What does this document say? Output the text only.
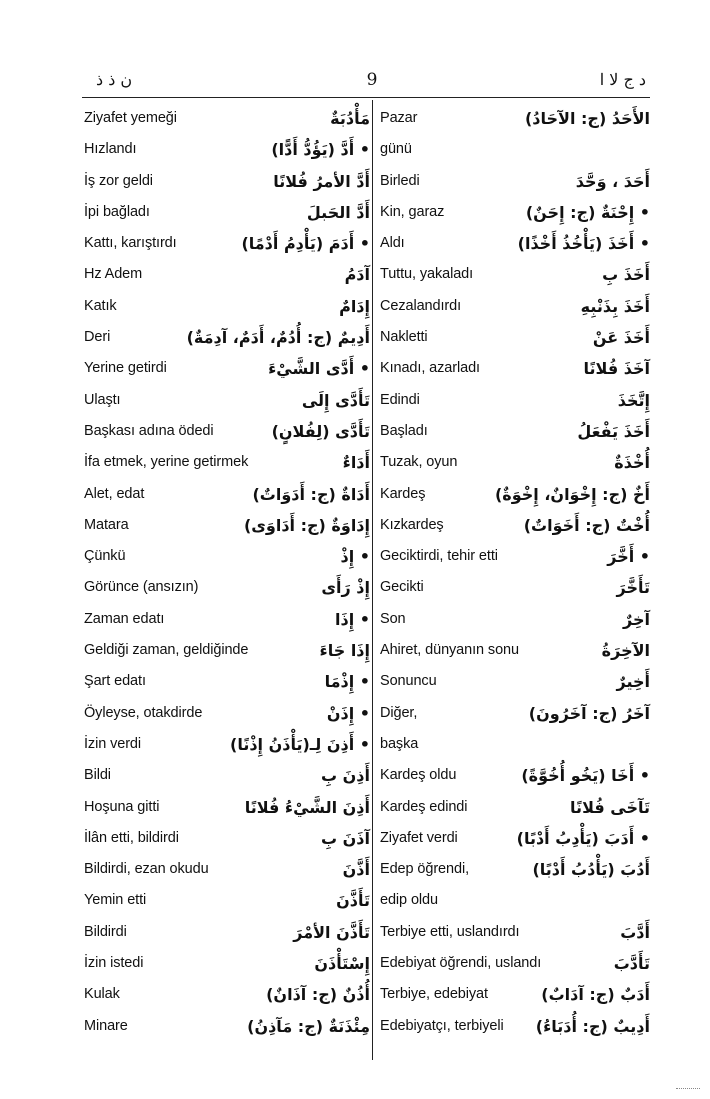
ن ذ ذ	9	د ج لا ا
Ziyafet yemeği	مَأْدُبَةٌ
Hızlandı	• أَدَّ (يَؤُدُّ أَدًّا)
İş zor geldi	أَدَّ الأمرُ فُلانًا
İpi bağladı	أَدَّ الحَبلَ
Kattı, karıştırdı	• أَدَمَ (يَأْدِمُ أَدْمًا)
Hz Adem	آدَمُ
Katık	إِدَامٌ
Deri	أَدِيمٌ (ج: أُدُمٌ، أَدَمٌ، آدِمَةٌ)
Yerine getirdi	• أَدَّى الشَّيْءَ
Ulaştı	تَأَدَّى إِلَى
Başkası adına ödedi	تَأَدَّى (لِفُلانٍ)
İfa etmek, yerine getirmek	أَدَاءٌ
Alet, edat	أَدَاةٌ (ج: أَدَوَاتٌ)
Matara	إِدَاوَةٌ (ج: أَدَاوَى)
Çünkü	• إِذْ
Görünce (ansızın)	إِذْ رَأَى
Zaman edatı	• إِذَا
Geldiği zaman, geldiğinde	إِذَا جَاءَ
Şart edatı	• إِذْمَا
Öyleyse, otakdirde	• إِذَنْ
İzin verdi	• أَذِنَ لِـ(يَأْذَنُ إِذْنًا)
Bildi	أَذِنَ بِ
Hoşuna gitti	أَذِنَ الشَّيْءُ فُلانًا
İlân etti, bildirdi	آذَنَ بِ
Bildirdi, ezan okudu	أَذَّنَ
Yemin etti	تَأَذَّنَ
Bildirdi	تَأَذَّنَ الأمْرَ
İzin istedi	إِسْتَأْذَنَ
Kulak	أُذُنٌ (ج: آذَانٌ)
Minare	مِئْذَنَةٌ (ج: مَآذِنُ)
Pazar	الأَحَدُ (ج: الآحَادُ)
günü
Birledi	أَحَدَ ، وَحَّدَ
Kin, garaz	• إِحْنَةٌ (ج: إِحَنٌ)
Aldı	• أَخَذَ (يَأْخُذُ أَخْذًا)
Tuttu, yakaladı	أَخَذَ بِ
Cezalandırdı	أَخَذَ بِذَنْبِهِ
Nakletti	أَخَذَ عَنْ
Kınadı, azarladı	آخَذَ فُلانًا
Edindi	إِتَّخَذَ
Başladı	أَخَذَ يَفْعَلُ
Tuzak, oyun	أُخْذَةٌ
Kardeş	أَخٌ (ج: إِخْوَانٌ، إِخْوَةٌ)
Kızkardeş	أُخْتٌ (ج: أَخَوَاتٌ)
Geciktirdi, tehir etti	• أَخَّرَ
Gecikti	تَأَخَّرَ
Son	آخِرٌ
Ahiret, dünyanın sonu	الآخِرَةُ
Sonuncu	أَخِيرٌ
Diğer,	آخَرُ (ج: آخَرُونَ)
başka
Kardeş oldu	• أَخَا (يَخُو أُخُوَّةً)
Kardeş edindi	تَآخَى فُلانًا
Ziyafet verdi	• أَدَبَ (يَأْدِبُ أَدْبًا)
Edep öğrendi,	أَدُبَ (يَأْدُبُ أَدْبًا)
edip oldu
Terbiye etti, uslandırdı	أَدَّبَ
Edebiyat öğrendi, uslandı	تَأَدَّبَ
Terbiye, edebiyat	أَدَبٌ (ج: آدَابٌ)
Edebiyatçı, terbiyeli أَدِيبٌ (ج: أُدَبَاءُ)
